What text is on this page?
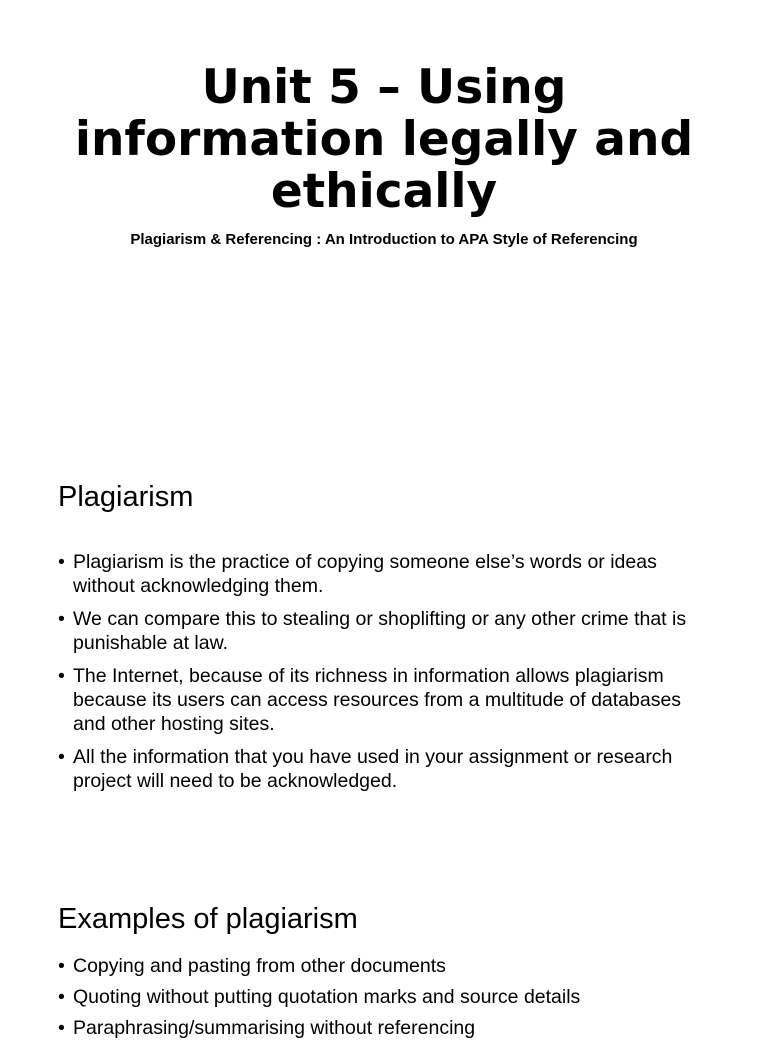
Unit 5 – Using information legally and ethically
Plagiarism & Referencing : An Introduction to APA Style of Referencing
Plagiarism
• Plagiarism is the practice of copying someone else’s words or ideas without acknowledging them.
• We can compare this to stealing or shoplifting or any other crime that is punishable at law.
• The Internet, because of its richness in information allows plagiarism because its users can access resources from a multitude of databases and other hosting sites.
• All the information that you have used in your assignment or research project will need to be acknowledged.
Examples of plagiarism
• Copying and pasting from other documents
• Quoting without putting quotation marks and source details
• Paraphrasing/summarising without referencing
